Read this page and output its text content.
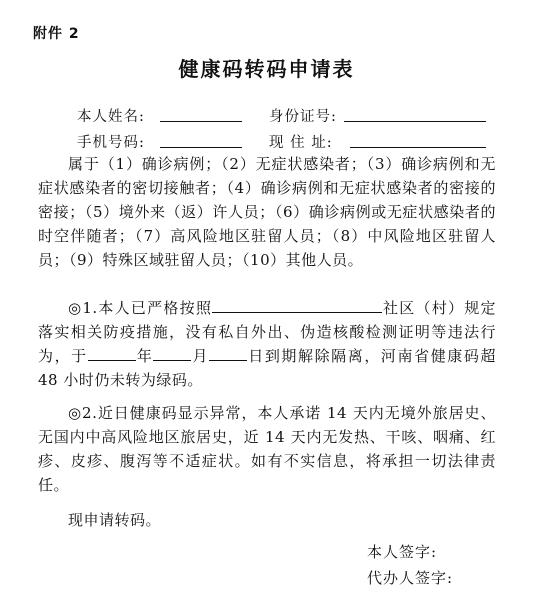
附件 2
健康码转码申请表
本人姓名:	身份证号:
手机号码:	现 住 址:

属于（1）确诊病例；（2）无症状感染者；（3）确诊病例和无症状感染者的密切接触者；（4）确诊病例和无症状感染者的密接的密接；（5）境外来（返）许人员；（6）确诊病例或无症状感染者的时空伴随者；（7）高风险地区驻留人员；（8）中风险地区驻留人员；（9）特殊区域驻留人员；（10）其他人员。

◎1.本人已严格按照	社区（村）规定落实相关防疫措施，没有私自外出、伪造核酸检测证明等违法行为，于	年	月	日到期解除隔离，河南省健康码超 48 小时仍未转为绿码。

◎2.近日健康码显示异常，本人承诺 14 天内无境外旅居史、无国内中高风险地区旅居史，近 14 天内无发热、干咳、咽痛、红疹、皮疹、腹泻等不适症状。如有不实信息，将承担一切法律责任。

现申请转码。

本人签字:
代办人签字:
